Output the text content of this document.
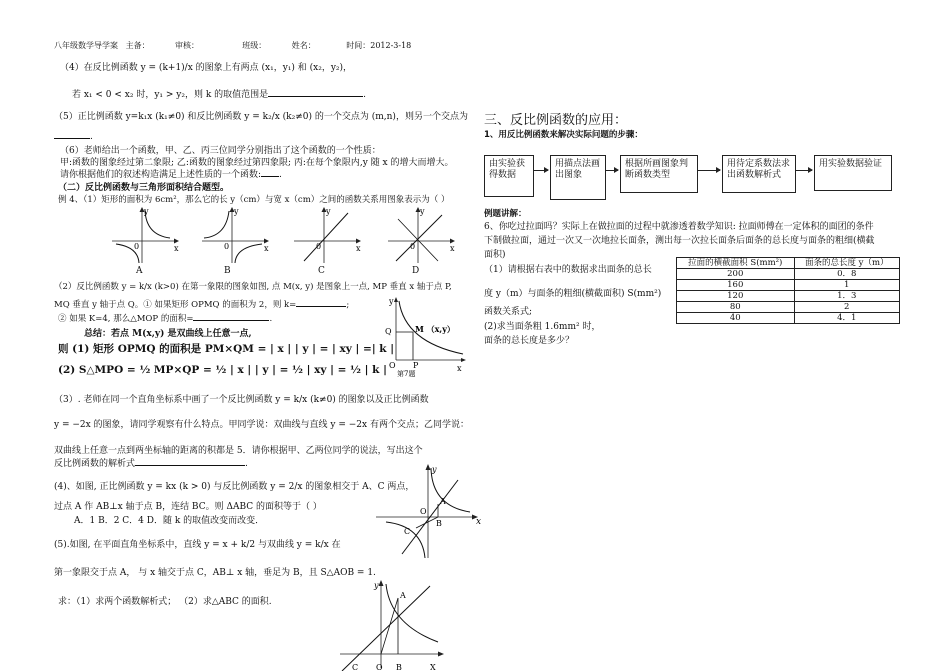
八年级数学导学案   主备：          审核：                 班级：          姓名：            时间：2012-3-18
（4）在反比例函数 y = (k+1)/x 的图象上有两点 (x₁，y₁) 和 (x₂，y₂)，
若 x₁ < 0 < x₂ 时，y₁ > y₂，则 k 的取值范围是	.
（5）正比例函数 y=k₁x (k₁≠0) 和反比例函数 y = k₂/x (k₂≠0) 的一个交点为 (m,n)，则另一个交点为
.
（6）老师给出一个函数，甲、乙、丙三位同学分别指出了这个函数的一个性质：
甲:函数的图象经过第二象限; 乙:函数的图象经过第四象限; 丙:在每个象限内,y 随 x 的增大而增大。
请你根据他们的叙述构造满足上述性质的一个函数: .
（二）反比例函数与三角形面积结合题型。
例 4、（1）矩形的面积为 6cm²，那么它的长 y（cm）与宽 x（cm）之间的函数关系用图象表示为（ ）
y
x
0
y
x
0
y
x
0
y
x
0
A	B	C	D
（2）反比例函数 y = k/x (k>0) 在第一象限的图象如图, 点 M(x, y) 是图象上一点, MP 垂直 x 轴于点 P,
MQ 垂直 y 轴于点 Q。① 如果矩形 OPMQ 的面积为 2，则 k=	;
② 如果 K=4, 那么△MOP 的面积=	.
总结：若点 M(x,y) 是双曲线上任意一点,
则 (1) 矩形 OPMQ 的面积是 PM×QM = | x | | y | = | xy | =| k |
(2) S△MPO = ½ MP×QP = ½ | x | | y | = ½ | xy | = ½ | k |
y
Q	M （x,y）
O P	x
第7题
（3）. 老师在同一个直角坐标系中画了一个反比例函数 y = k/x (k≠0) 的图象以及正比例函数
y = −2x 的图象，请同学观察有什么特点。甲同学说：双曲线与直线 y = −2x 有两个交点；乙同学说：
双曲线上任意一点到两坐标轴的距离的积都是 5．请你根据甲、乙两位同学的说法，写出这个
反比例函数的解析式	.
(4)、如图, 正比例函数 y = kx (k > 0) 与反比例函数 y = 2/x 的图象相交于 A、C 两点，
过点 A 作 AB⊥x 轴于点 B，连结 BC。则 ΔABC 的面积等于（ ）
A．1 B．2 C．4 D．随 k 的取值改变而改变．
y
A
O
B
C
x
(5).如图, 在平面直角坐标系中，直线 y = x + k/2 与双曲线 y = k/x 在
第一象限交于点 A， 与 x 轴交于点 C，AB⊥ x 轴，垂足为 B，且 S△AOB = 1.
求：（1）求两个函数解析式； （2）求△ABC 的面积.
y
A
C O B	X
三、反比例函数的应用：
1、用反比例函数来解决实际问题的步骤：
由实验获得数据
用描点法画出图象
根据所画图象判断函数类型
用待定系数法求出函数解析式
用实验数据验证
例题讲解：
6、你吃过拉面吗？实际上在做拉面的过程中就渗透着数学知识: 拉面师傅在一定体积的面团的条件
下制做拉面，通过一次又一次地拉长面条，测出每一次拉长面条后面条的总长度与面条的粗细(横截
面积)
（1）请根据右表中的数据求出面条的总长
度 y（m）与面条的粗细(横截面积) S(mm²)
函数关系式;
(2)求当面条粗 1.6mm² 时，
面条的总长度是多少？
拉面的横截面积 S(mm²)	面条的总长度 y（m）
200	0．8
160	1
120	1．3
80	2
40	4．1
